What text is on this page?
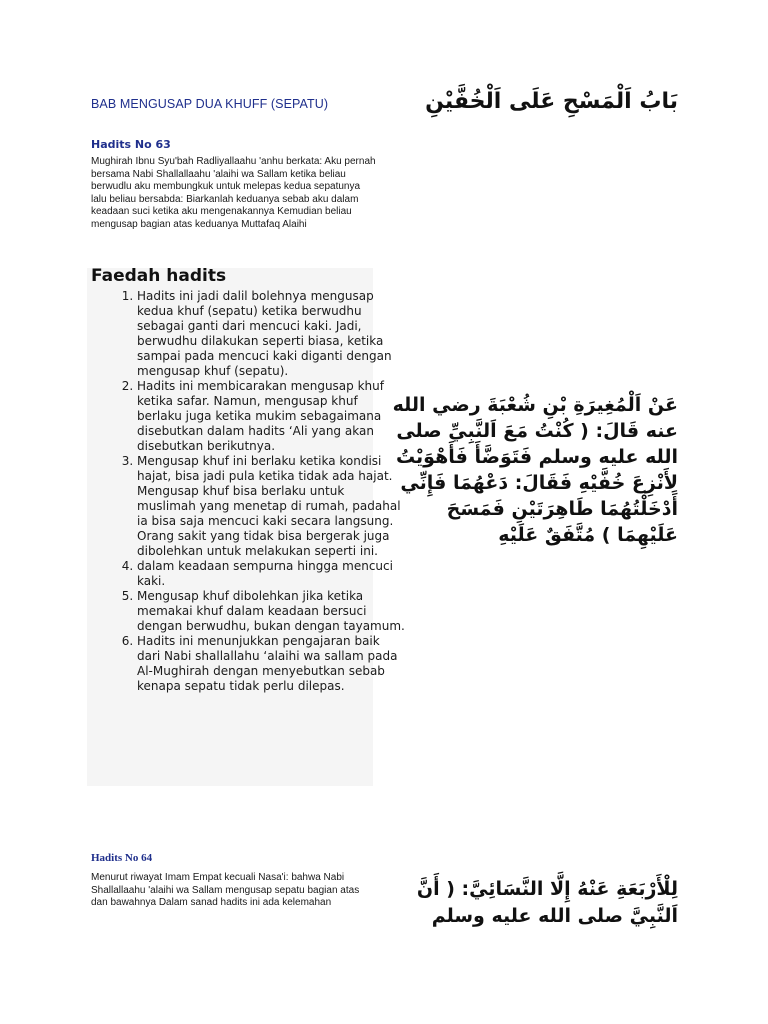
BAB MENGUSAP DUA KHUFF (SEPATU)	بَابُ اَلْمَسْحِ عَلَى اَلْخُفَّيْنِ
Hadits No 63

Mughirah Ibnu Syu'bah Radliyallaahu 'anhu berkata: Aku pernah bersama Nabi Shallallaahu 'alaihi wa Sallam ketika beliau berwudlu aku membungkuk untuk melepas kedua sepatunya lalu beliau bersabda: Biarkanlah keduanya sebab aku dalam keadaan suci ketika aku mengenakannya Kemudian beliau mengusap bagian atas keduanya Muttafaq Alaihi

Faedah hadits
1. Hadits ini jadi dalil bolehnya mengusap kedua khuf (sepatu) ketika berwudhu sebagai ganti dari mencuci kaki. Jadi, berwudhu dilakukan seperti biasa, ketika sampai pada mencuci kaki diganti dengan mengusap khuf (sepatu).
2. Hadits ini membicarakan mengusap khuf ketika safar. Namun, mengusap khuf berlaku juga ketika mukim sebagaimana disebutkan dalam hadits ‘Ali yang akan disebutkan berikutnya.
3. Mengusap khuf ini berlaku ketika kondisi hajat, bisa jadi pula ketika tidak ada hajat. Mengusap khuf bisa berlaku untuk muslimah yang menetap di rumah, padahal ia bisa saja mencuci kaki secara langsung. Orang sakit yang tidak bisa bergerak juga dibolehkan untuk melakukan seperti ini.
4. dalam keadaan sempurna hingga mencuci kaki.
5. Mengusap khuf dibolehkan jika ketika memakai khuf dalam keadaan bersuci dengan berwudhu, bukan dengan tayamum.
6. Hadits ini menunjukkan pengajaran baik dari Nabi shallallahu ‘alaihi wa sallam pada Al-Mughirah dengan menyebutkan sebab kenapa sepatu tidak perlu dilepas.
عَنْ اَلْمُغِيرَةِ بْنِ شُعْبَةَ رضي الله عنه قَالَ: ( كُنْتُ مَعَ اَلنَّبِيِّ صلى الله عليه وسلم فَتَوَضَّأَ فَأَهْوَيْتُ لِأَنْزِعَ خُفَّيْهِ فَقَالَ: دَعْهُمَا فَإِنِّي أَدْخَلْتُهُمَا طَاهِرَتَيْنِ فَمَسَحَ عَلَيْهِمَا ) مُتَّفَقٌ عَلَيْهِ
Hadits No 64

Menurut riwayat Imam Empat kecuali Nasa'i: bahwa Nabi Shallallaahu 'alaihi wa Sallam mengusap sepatu bagian atas dan bawahnya Dalam sanad hadits ini ada kelemahan

لِلْأَرْبَعَةِ عَنْهُ إِلَّا النَّسَائِيَّ: ( أَنَّ اَلنَّبِيَّ صلى الله عليه وسلم
